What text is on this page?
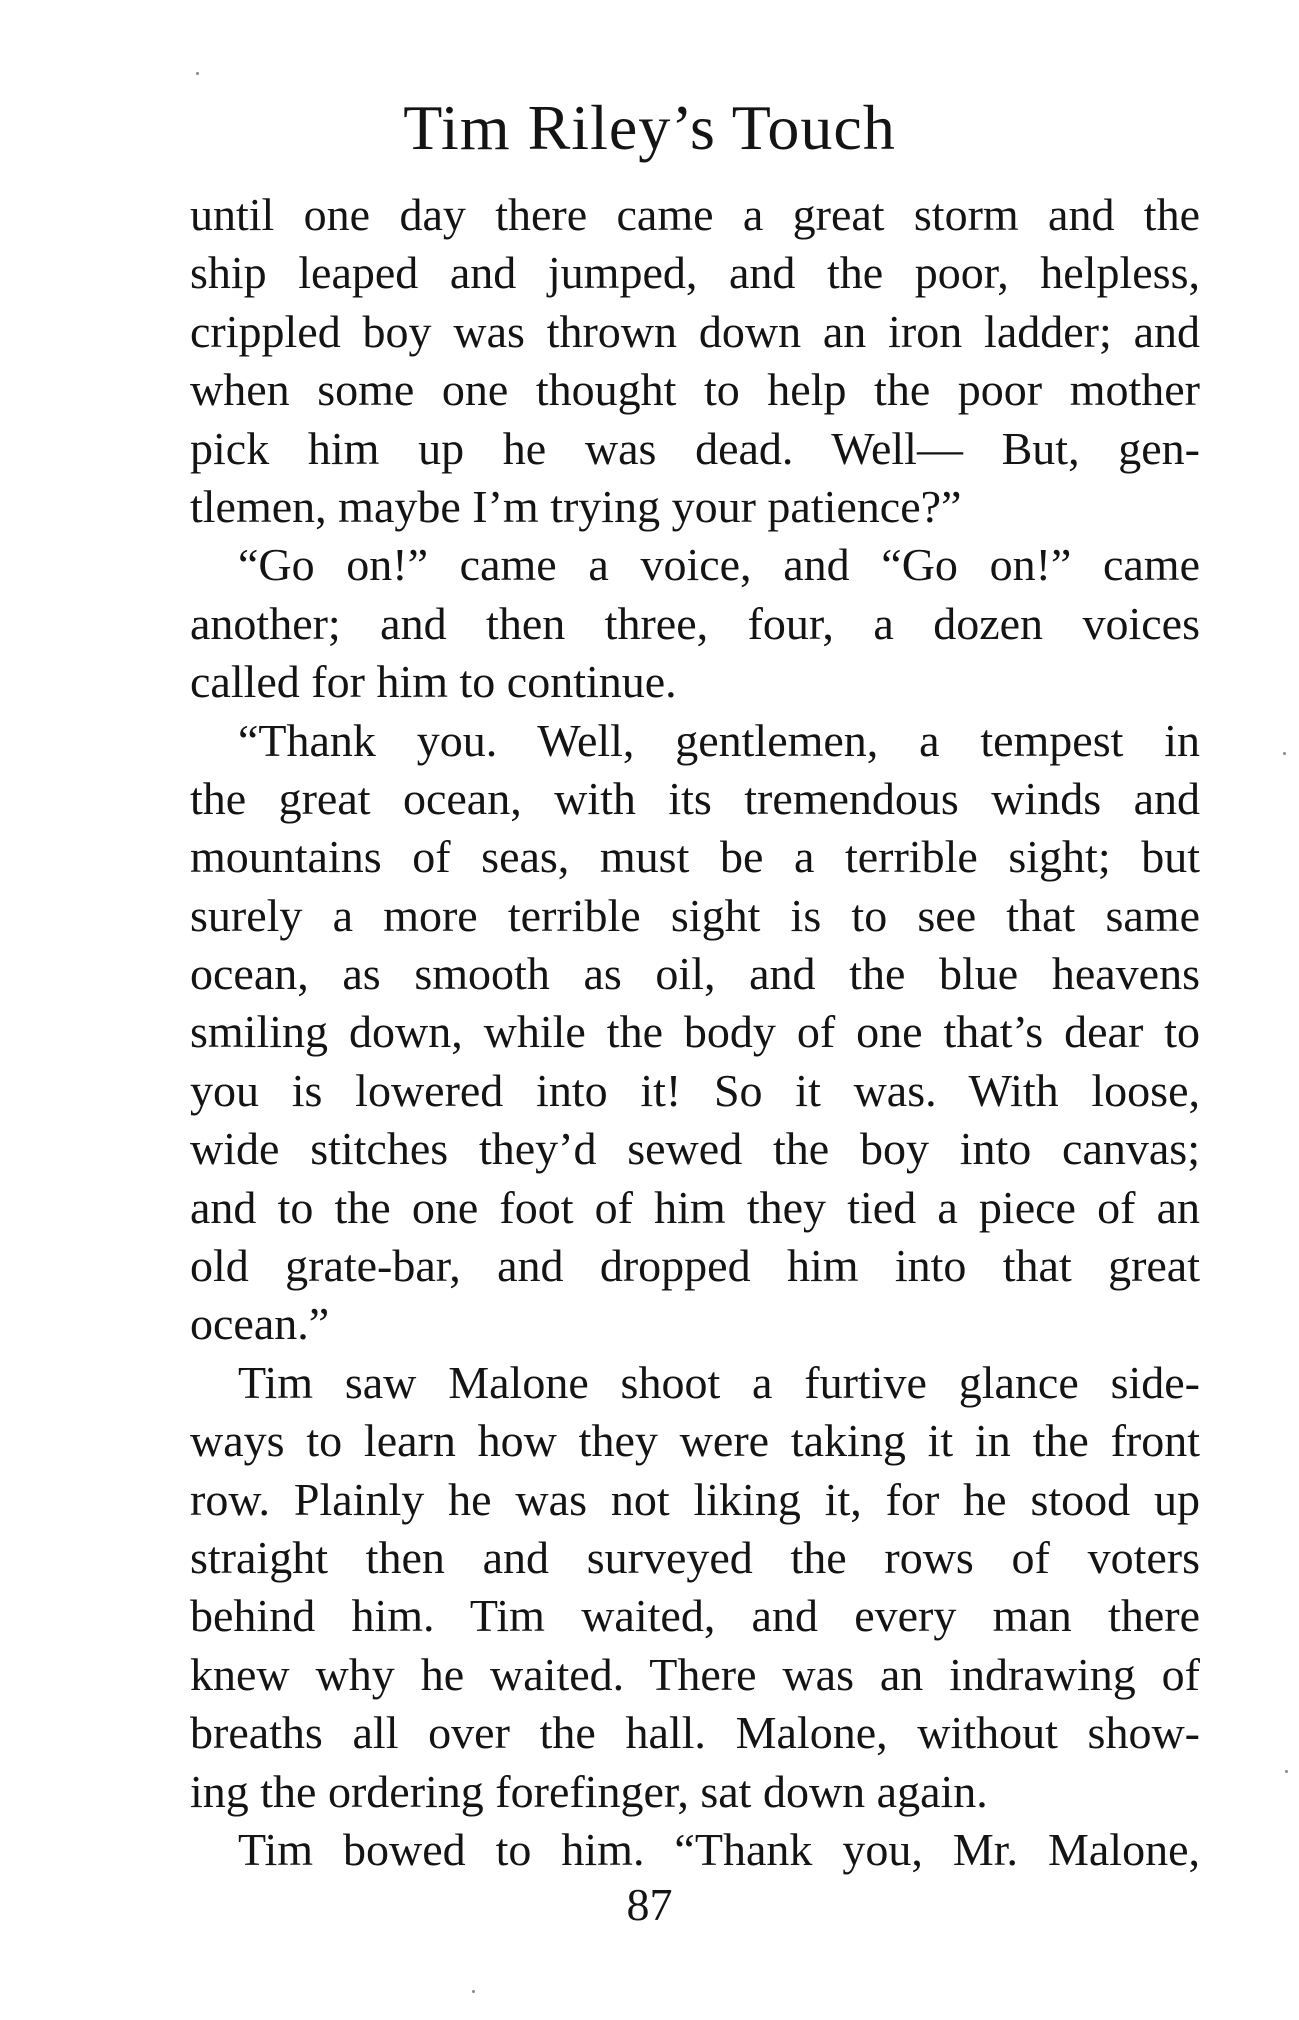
Tim Riley’s Touch
until one day there came a great storm and the
ship leaped and jumped, and the poor, helpless,
crippled boy was thrown down an iron ladder; and
when some one thought to help the poor mother
pick him up he was dead. Well— But, gen-
tlemen, maybe I’m trying your patience?”
“Go on!” came a voice, and “Go on!” came
another; and then three, four, a dozen voices
called for him to continue.
“Thank you. Well, gentlemen, a tempest in
the great ocean, with its tremendous winds and
mountains of seas, must be a terrible sight; but
surely a more terrible sight is to see that same
ocean, as smooth as oil, and the blue heavens
smiling down, while the body of one that’s dear to
you is lowered into it! So it was. With loose,
wide stitches they’d sewed the boy into canvas;
and to the one foot of him they tied a piece of an
old grate-bar, and dropped him into that great
ocean.”
Tim saw Malone shoot a furtive glance side-
ways to learn how they were taking it in the front
row. Plainly he was not liking it, for he stood up
straight then and surveyed the rows of voters
behind him. Tim waited, and every man there
knew why he waited. There was an indrawing of
breaths all over the hall. Malone, without show-
ing the ordering forefinger, sat down again.
Tim bowed to him. “Thank you, Mr. Malone,
87
